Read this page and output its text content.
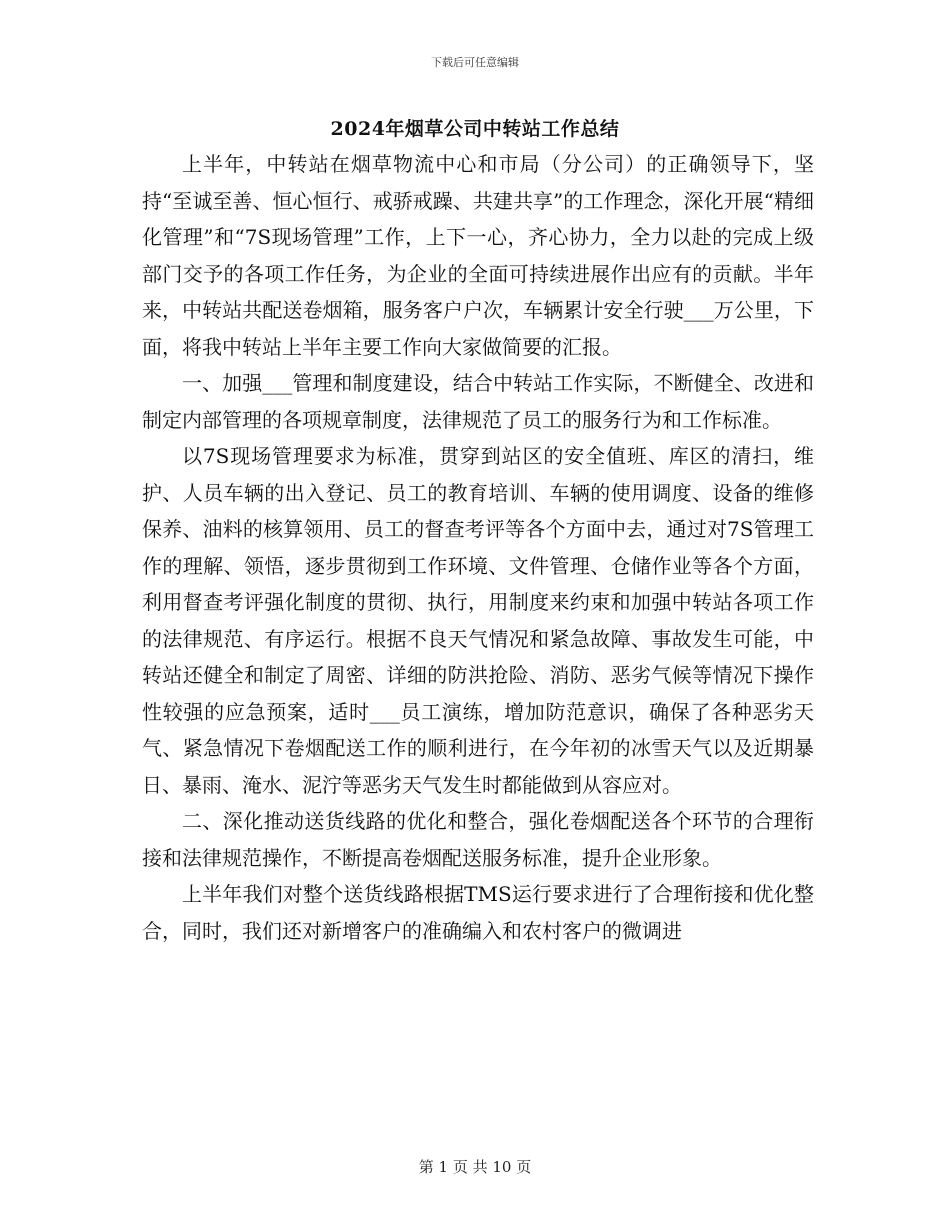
下载后可任意编辑
2024年烟草公司中转站工作总结

上半年，中转站在烟草物流中心和市局（分公司）的正确领导下，坚持“至诚至善、恒心恒行、戒骄戒躁、共建共享”的工作理念，深化开展“精细化管理”和“7S现场管理”工作，上下一心，齐心协力，全力以赴的完成上级部门交予的各项工作任务，为企业的全面可持续进展作出应有的贡献。半年来，中转站共配送卷烟箱，服务客户户次，车辆累计安全行驶___万公里，下面，将我中转站上半年主要工作向大家做简要的汇报。

一、加强___管理和制度建设，结合中转站工作实际，不断健全、改进和制定内部管理的各项规章制度，法律规范了员工的服务行为和工作标准。

以7S现场管理要求为标准，贯穿到站区的安全值班、库区的清扫，维护、人员车辆的出入登记、员工的教育培训、车辆的使用调度、设备的维修保养、油料的核算领用、员工的督查考评等各个方面中去，通过对7S管理工作的理解、领悟，逐步贯彻到工作环境、文件管理、仓储作业等各个方面，利用督查考评强化制度的贯彻、执行，用制度来约束和加强中转站各项工作的法律规范、有序运行。根据不良天气情况和紧急故障、事故发生可能，中转站还健全和制定了周密、详细的防洪抢险、消防、恶劣气候等情况下操作性较强的应急预案，适时___员工演练，增加防范意识，确保了各种恶劣天气、紧急情况下卷烟配送工作的顺利进行，在今年初的冰雪天气以及近期暴日、暴雨、淹水、泥泞等恶劣天气发生时都能做到从容应对。

二、深化推动送货线路的优化和整合，强化卷烟配送各个环节的合理衔接和法律规范操作，不断提高卷烟配送服务标准，提升企业形象。

上半年我们对整个送货线路根据TMS运行要求进行了合理衔接和优化整合，同时，我们还对新增客户的准确编入和农村客户的微调进

第 1 页 共 10 页
